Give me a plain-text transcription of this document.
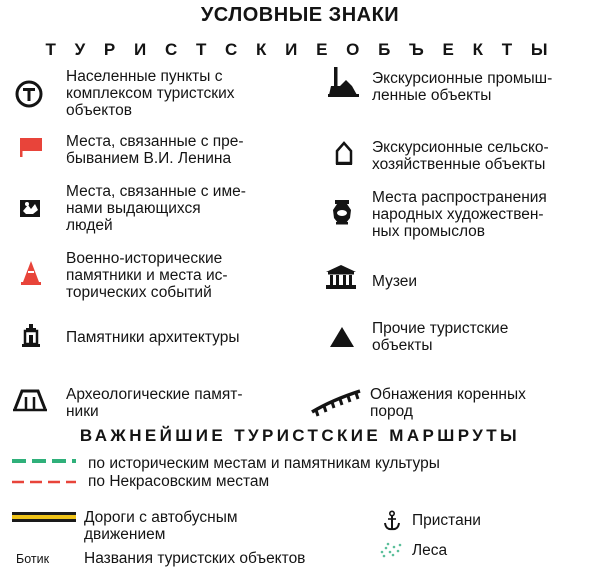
УСЛОВНЫЕ ЗНАКИ
Т У Р И С Т С К И Е О Б Ъ Е К Т Ы
Населенные пункты с
комплексом туристских
объектов
Места, связанные с пре-
быванием В.И. Ленина
Места, связанные с име-
нами выдающихся
людей
Военно-исторические
памятники и места ис-
торических событий
Памятники архитектуры
Археологические памят-
ники
Экскурсионные промыш-
ленные объекты
Экскурсионные сельско-
хозяйственные объекты
Места распространения
народных художествен-
ных промыслов
Музеи
Прочие туристские
объекты
Обнажения коренных
пород
ВАЖНЕЙШИЕ ТУРИСТСКИЕ МАРШРУТЫ
по историческим местам и памятникам культуры
по Некрасовским местам
Дороги с автобусным
движением
Ботик Названия туристских объектов
Пристани
Леса
